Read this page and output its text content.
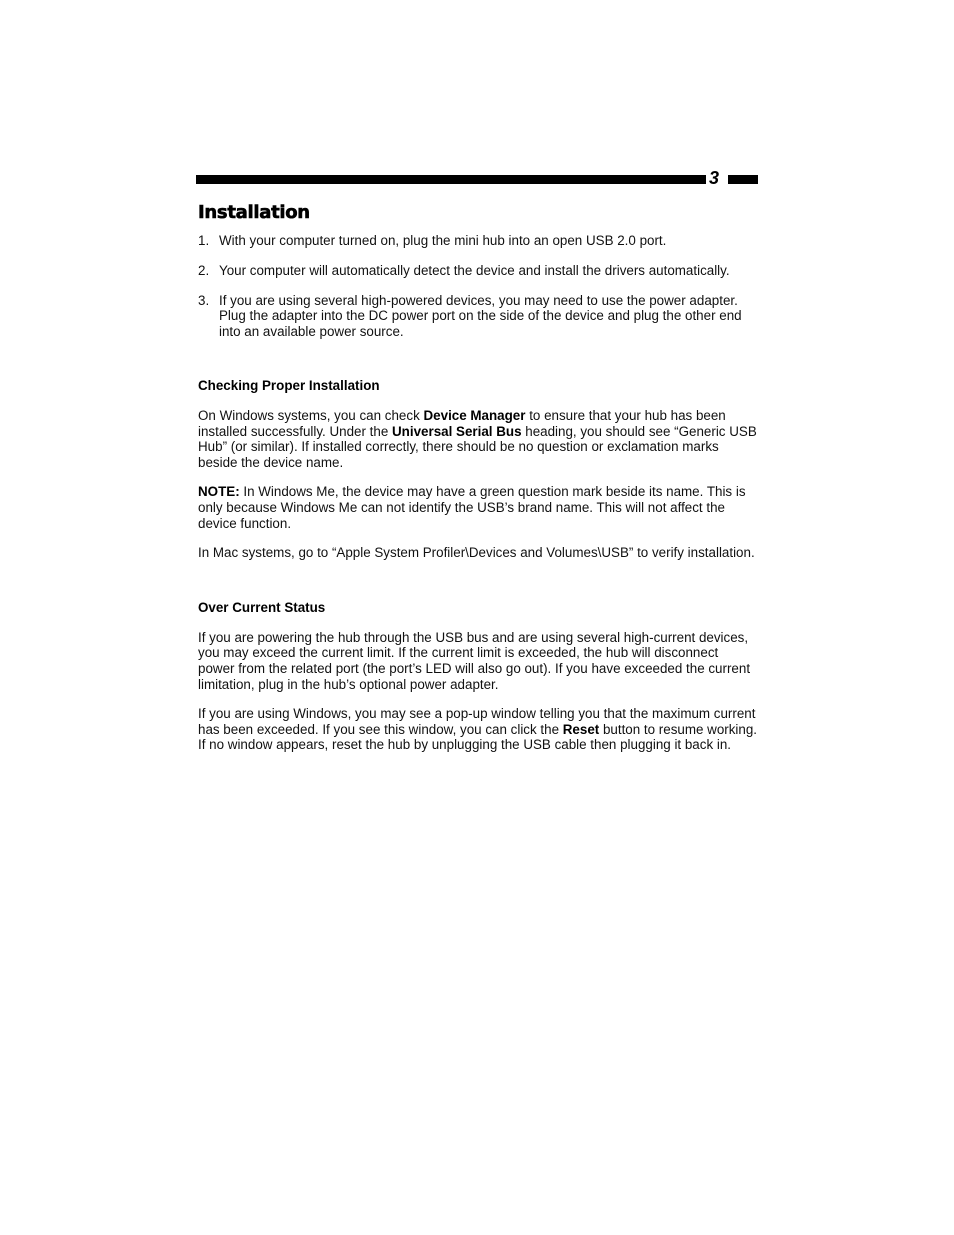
3
Installation
1. With your computer turned on, plug the mini hub into an open USB 2.0 port.
2. Your computer will automatically detect the device and install the drivers automatically.
3. If you are using several high-powered devices, you may need to use the power adapter. Plug the adapter into the DC power port on the side of the device and plug the other end into an available power source.
Checking Proper Installation

On Windows systems, you can check Device Manager to ensure that your hub has been installed successfully. Under the Universal Serial Bus heading, you should see “Generic USB Hub” (or similar). If installed correctly, there should be no question or exclamation marks beside the device name.

NOTE: In Windows Me, the device may have a green question mark beside its name. This is only because Windows Me can not identify the USB’s brand name. This will not affect the device function.

In Mac systems, go to “Apple System Profiler\Devices and Volumes\USB” to verify installation.

Over Current Status

If you are powering the hub through the USB bus and are using several high-current devices, you may exceed the current limit. If the current limit is exceeded, the hub will disconnect power from the related port (the port’s LED will also go out). If you have exceeded the current limitation, plug in the hub’s optional power adapter.

If you are using Windows, you may see a pop-up window telling you that the maximum current has been exceeded. If you see this window, you can click the Reset button to resume working. If no window appears, reset the hub by unplugging the USB cable then plugging it back in.
